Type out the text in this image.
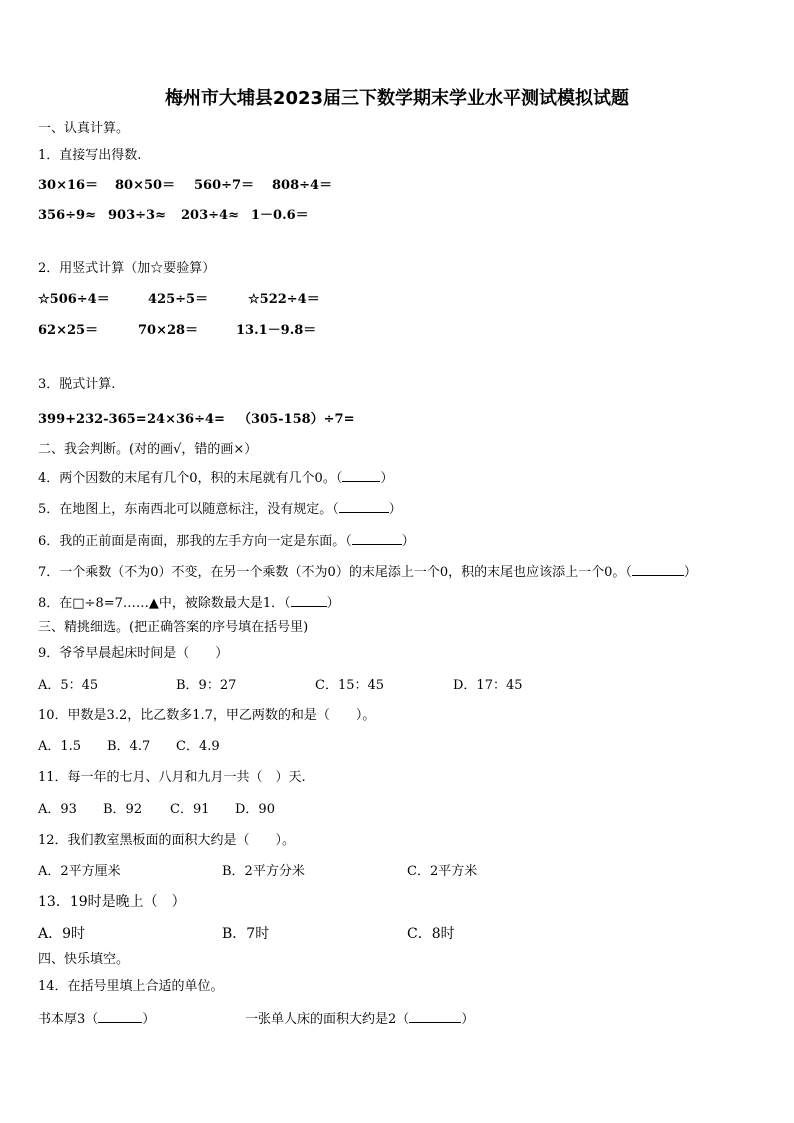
梅州市大埔县2023届三下数学期末学业水平测试模拟试题
一、认真计算。
1．直接写出得数.
30×16＝ 80×50＝ 560÷7＝ 808÷4＝
356÷9≈ 903÷3≈ 203÷4≈ 1－0.6＝
2．用竖式计算（加☆要验算）
☆506÷4＝	425÷5＝	☆522÷4＝
62×25＝	70×28＝	13.1－9.8＝
3．脱式计算.
399+232-365= 24×36÷4= （305-158）÷7=
二、我会判断。(对的画√，错的画×）
4．两个因数的末尾有几个0，积的末尾就有几个0。（	）
5．在地图上，东南西北可以随意标注，没有规定。（	）
6．我的正前面是南面，那我的左手方向一定是东面。（	）
7．一个乘数（不为0）不变，在另一个乘数（不为0）的末尾添上一个0，积的末尾也应该添上一个0。（	）
8．在□÷8=7……▲中，被除数最大是1．（	）
三、精挑细选。(把正确答案的序号填在括号里)
9．爷爷早晨起床时间是（　　）
A．5：45	B．9：27	C．15：45	D．17：45
10．甲数是3.2，比乙数多1.7，甲乙两数的和是（　　）。
A．1.5 B．4.7 C．4.9
11．每一年的七月、八月和九月一共（　）天.
A．93 B．92 C．91 D．90
12．我们教室黑板面的面积大约是（　　）。
A．2平方厘米	B．2平方分米	C．2平方米
13．19时是晚上（　）
A．9时	B．7时	C．8时
四、快乐填空。
14．在括号里填上合适的单位。
书本厚3（	）	一张单人床的面积大约是2（	）
